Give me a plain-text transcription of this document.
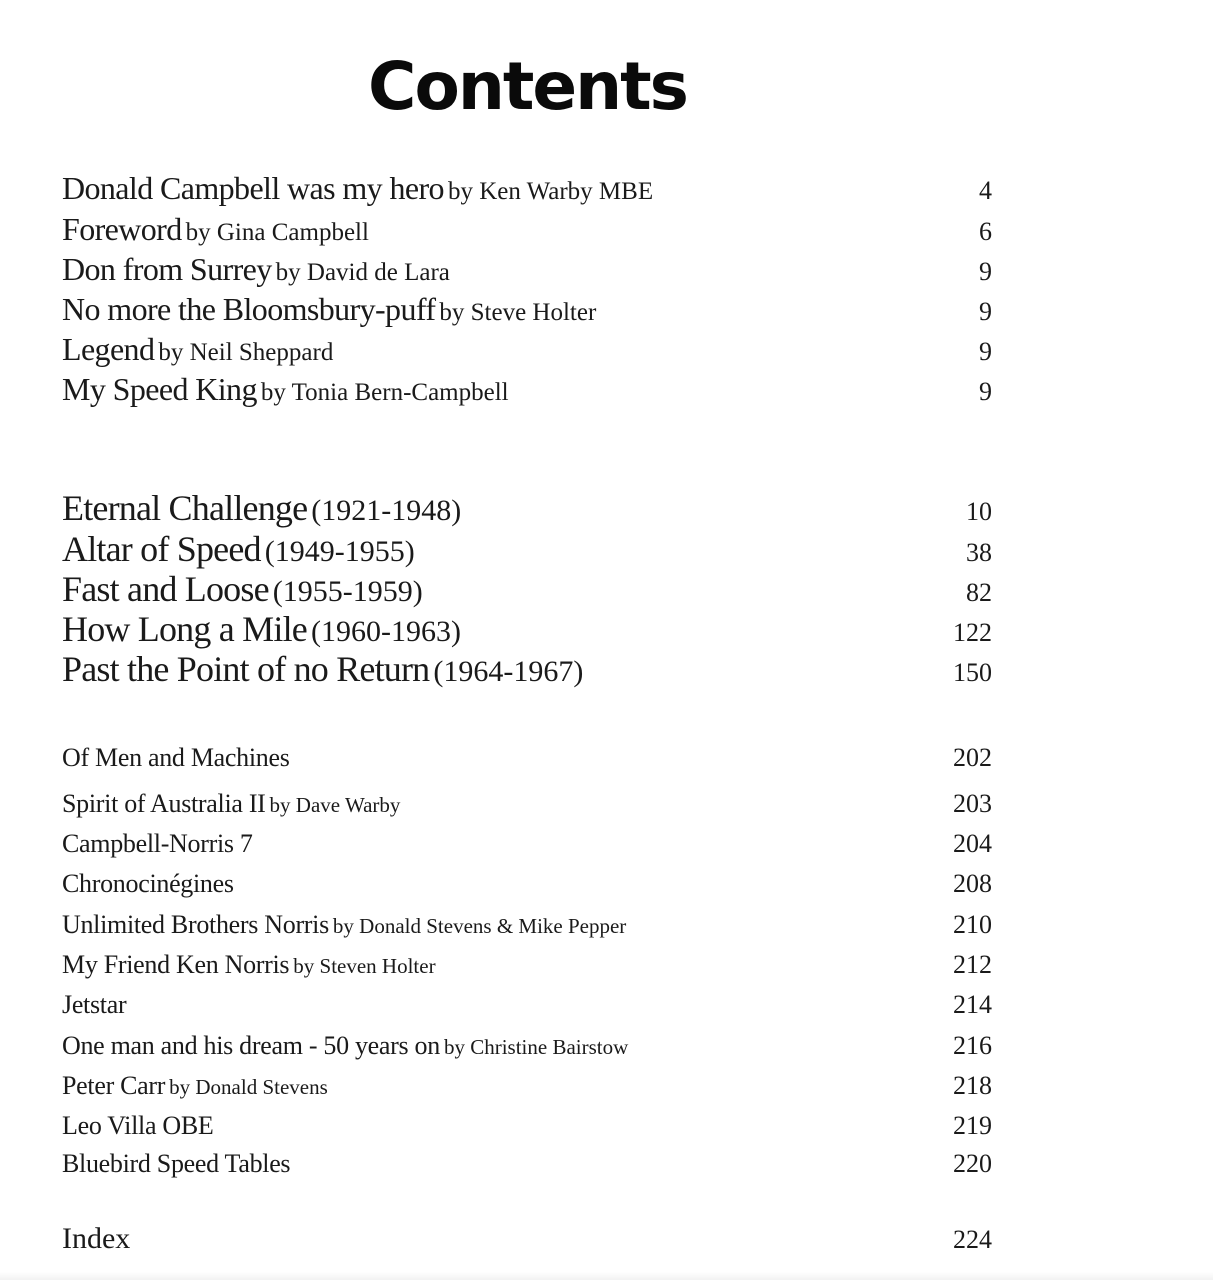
Contents
Donald Campbell was my hero by Ken Warby MBE	4
Foreword by Gina Campbell	6
Don from Surrey by David de Lara	9
No more the Bloomsbury-puff by Steve Holter	9
Legend by Neil Sheppard	9
My Speed King by Tonia Bern-Campbell	9
Eternal Challenge (1921-1948)	10
Altar of Speed (1949-1955)	38
Fast and Loose (1955-1959)	82
How Long a Mile (1960-1963)	122
Past the Point of no Return (1964-1967)	150
Of Men and Machines	202
Spirit of Australia II by Dave Warby	203
Campbell-Norris 7	204
Chronocinégines	208
Unlimited Brothers Norris by Donald Stevens & Mike Pepper	210
My Friend Ken Norris by Steven Holter	212
Jetstar	214
One man and his dream - 50 years on by Christine Bairstow	216
Peter Carr by Donald Stevens	218
Leo Villa OBE	219
Bluebird Speed Tables	220
Index	224
